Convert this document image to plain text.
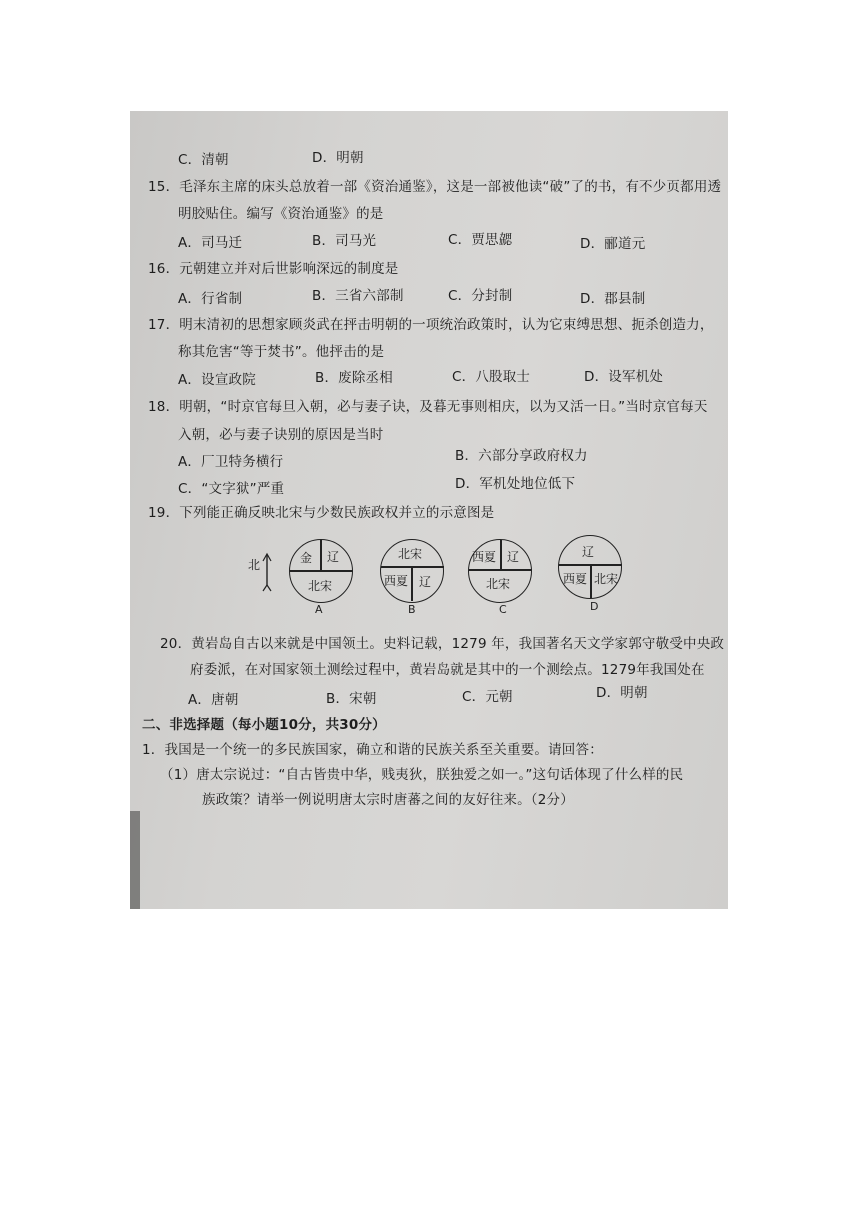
C．清朝	D．明朝
15．毛泽东主席的床头总放着一部《资治通鉴》，这是一部被他读“破”了的书，有不少页都用透
明胶贴住。编写《资治通鉴》的是
A．司马迁	B．司马光	C．贾思勰	D．郦道元
16．元朝建立并对后世影响深远的制度是
A．行省制	B．三省六部制	C．分封制	D．郡县制
17．明末清初的思想家顾炎武在抨击明朝的一项统治政策时，认为它束缚思想、扼杀创造力，
称其危害“等于焚书”。他抨击的是
A．设宣政院	B．废除丞相	C．八股取士	D．设军机处
18．明朝，“时京官每旦入朝，必与妻子诀，及暮无事则相庆，以为又活一日。”当时京官每天
入朝，必与妻子诀别的原因是当时
A．厂卫特务横行	B．六部分享政府权力
C．“文字狱”严重	D．军机处地位低下
19．下列能正确反映北宋与少数民族政权并立的示意图是
北	金 辽
北宋
A
北宋
西夏 辽
B
西夏 辽
北宋
C
辽
西夏 北宋
D
20．黄岩岛自古以来就是中国领土。史料记载，1279 年，我国著名天文学家郭守敬受中央政
府委派，在对国家领土测绘过程中，黄岩岛就是其中的一个测绘点。1279年我国处在
A．唐朝	B．宋朝	C．元朝	D．明朝
二、非选择题（每小题10分，共30分）
1．我国是一个统一的多民族国家，确立和谐的民族关系至关重要。请回答：
（1）唐太宗说过：“自古皆贵中华，贱夷狄，朕独爱之如一。”这句话体现了什么样的民
族政策？请举一例说明唐太宗时唐蕃之间的友好往来。（2分）
